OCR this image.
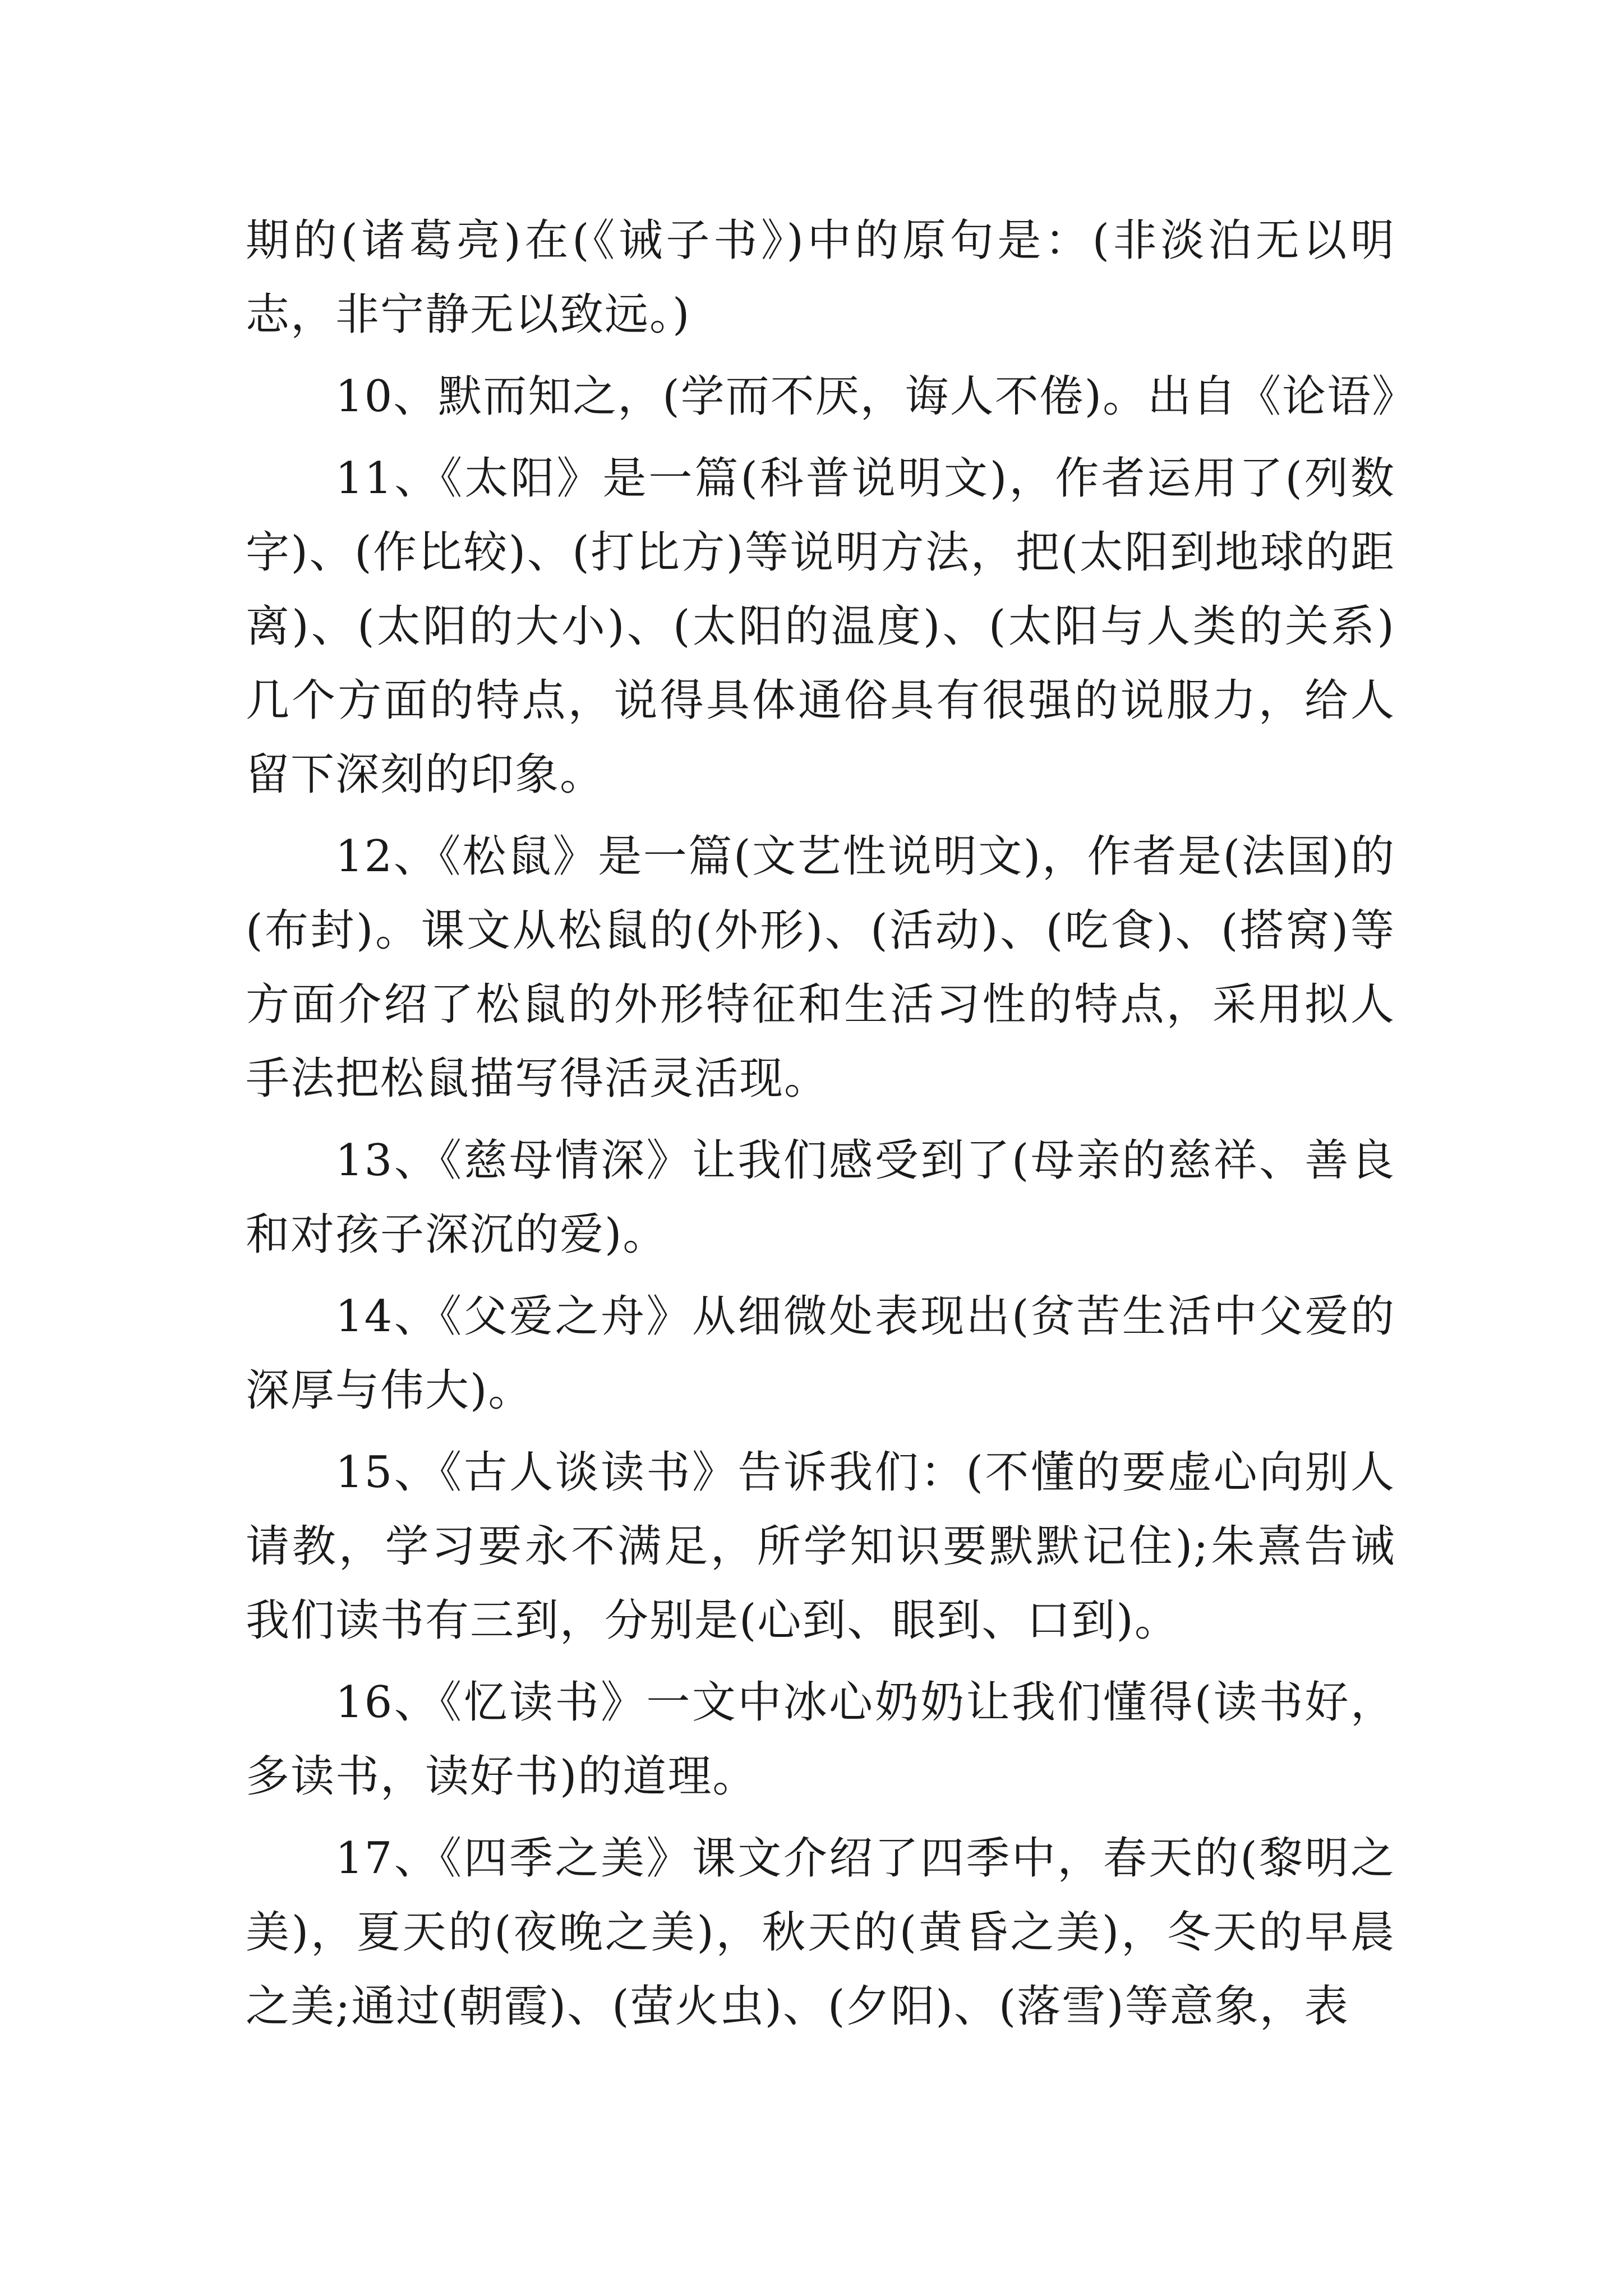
期的(诸葛亮)在(《诫子书》)中的原句是：(非淡泊无以明志，非宁静无以致远。)

10、默而知之，(学而不厌，诲人不倦)。出自《论语》

11、《太阳》是一篇(科普说明文)，作者运用了(列数字)、(作比较)、(打比方)等说明方法，把(太阳到地球的距离)、(太阳的大小)、(太阳的温度)、(太阳与人类的关系)几个方面的特点，说得具体通俗具有很强的说服力，给人留下深刻的印象。

12、《松鼠》是一篇(文艺性说明文)，作者是(法国)的(布封)。课文从松鼠的(外形)、(活动)、(吃食)、(搭窝)等方面介绍了松鼠的外形特征和生活习性的特点，采用拟人手法把松鼠描写得活灵活现。

13、《慈母情深》让我们感受到了(母亲的慈祥、善良和对孩子深沉的爱)。

14、《父爱之舟》从细微处表现出(贫苦生活中父爱的深厚与伟大)。

15、《古人谈读书》告诉我们：(不懂的要虚心向别人请教，学习要永不满足，所学知识要默默记住);朱熹告诫我们读书有三到，分别是(心到、眼到、口到)。

16、《忆读书》一文中冰心奶奶让我们懂得(读书好，多读书，读好书)的道理。

17、《四季之美》课文介绍了四季中，春天的(黎明之美)，夏天的(夜晚之美)，秋天的(黄昏之美)，冬天的早晨之美;通过(朝霞)、(萤火虫)、(夕阳)、(落雪)等意象，表
